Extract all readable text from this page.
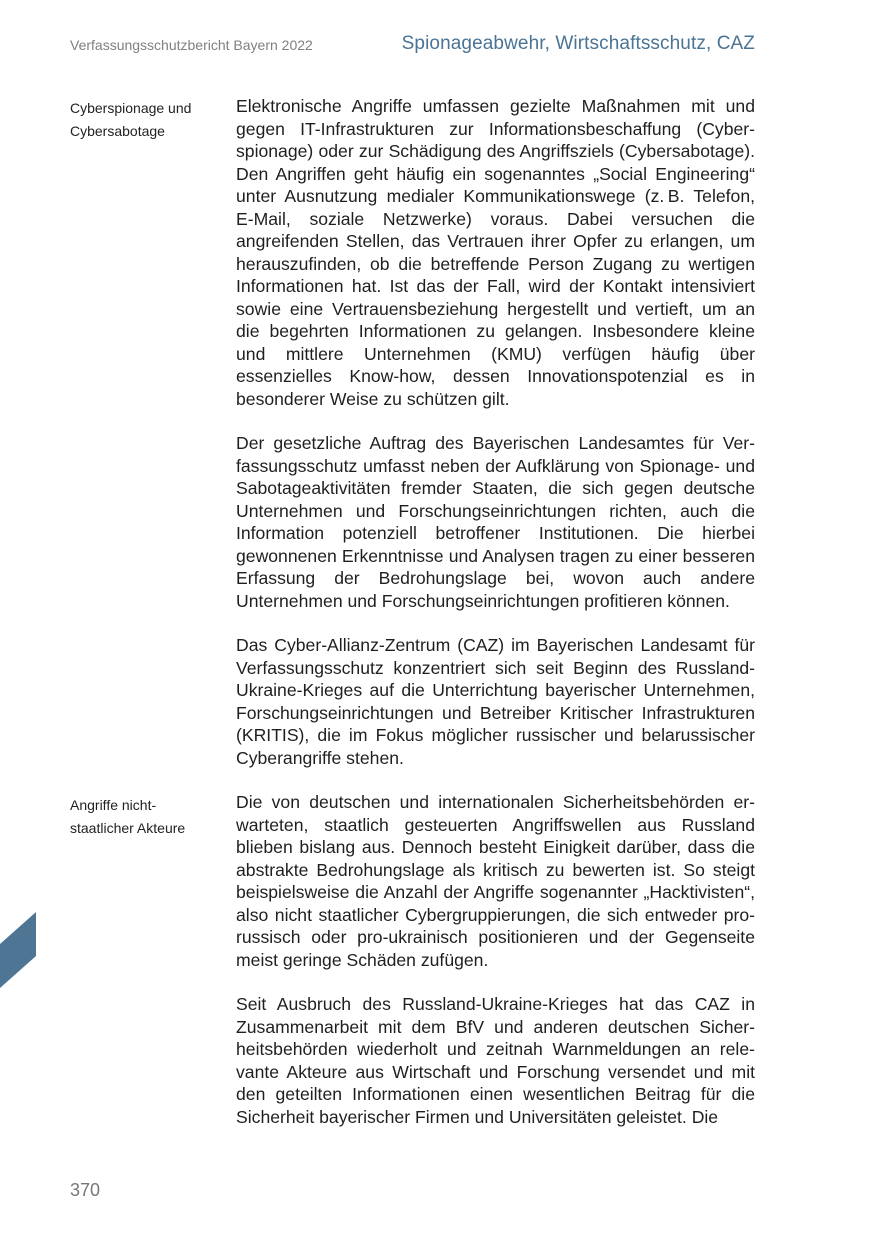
Verfassungsschutzbericht Bayern 2022	Spionageabwehr, Wirtschaftsschutz, CAZ
Cyberspionage und
Cybersabotage
Angriffe nicht-
staatlicher Akteure

Elektronische Angriffe umfassen gezielte Maßnahmen mit und gegen IT-Infrastrukturen zur Informationsbeschaffung (Cyberspionage) oder zur Schädigung des Angriffsziels (Cybersabotage). Den Angriffen geht häufig ein sogenanntes „Social Engineering“ unter Ausnutzung medialer Kommunikationswege (z. B. Telefon, E-Mail, soziale Netzwerke) voraus. Dabei versuchen die angreifenden Stellen, das Vertrauen ihrer Opfer zu erlangen, um herauszufinden, ob die betreffende Person Zugang zu wertigen Informationen hat. Ist das der Fall, wird der Kontakt intensiviert sowie eine Vertrauensbeziehung hergestellt und vertieft, um an die begehrten Informationen zu gelangen. Insbesondere kleine und mittlere Unternehmen (KMU) verfügen häufig über essenzielles Know-how, dessen Innovationspotenzial es in besonderer Weise zu schützen gilt.

Der gesetzliche Auftrag des Bayerischen Landesamtes für Verfassungsschutz umfasst neben der Aufklärung von Spionage- und Sabotageaktivitäten fremder Staaten, die sich gegen deutsche Unternehmen und Forschungseinrichtungen richten, auch die Information potenziell betroffener Institutionen. Die hierbei gewonnenen Erkenntnisse und Analysen tragen zu einer besseren Erfassung der Bedrohungslage bei, wovon auch andere Unternehmen und Forschungseinrichtungen profitieren können.

Das Cyber-Allianz-Zentrum (CAZ) im Bayerischen Landesamt für Verfassungsschutz konzentriert sich seit Beginn des Russland-Ukraine-Krieges auf die Unterrichtung bayerischer Unternehmen, Forschungseinrichtungen und Betreiber Kritischer Infrastrukturen (KRITIS), die im Fokus möglicher russischer und belarussischer Cyberangriffe stehen.

Die von deutschen und internationalen Sicherheitsbehörden erwarteten, staatlich gesteuerten Angriffswellen aus Russland blieben bislang aus. Dennoch besteht Einigkeit darüber, dass die abstrakte Bedrohungslage als kritisch zu bewerten ist. So steigt beispielsweise die Anzahl der Angriffe sogenannter „Hacktivisten“, also nicht staatlicher Cybergruppierungen, die sich entweder pro-russisch oder pro-ukrainisch positionieren und der Gegenseite meist geringe Schäden zufügen.

Seit Ausbruch des Russland-Ukraine-Krieges hat das CAZ in Zusammenarbeit mit dem BfV und anderen deutschen Sicherheitsbehörden wiederholt und zeitnah Warnmeldungen an relevante Akteure aus Wirtschaft und Forschung versendet und mit den geteilten Informationen einen wesentlichen Beitrag für die Sicherheit bayerischer Firmen und Universitäten geleistet. Die

370
